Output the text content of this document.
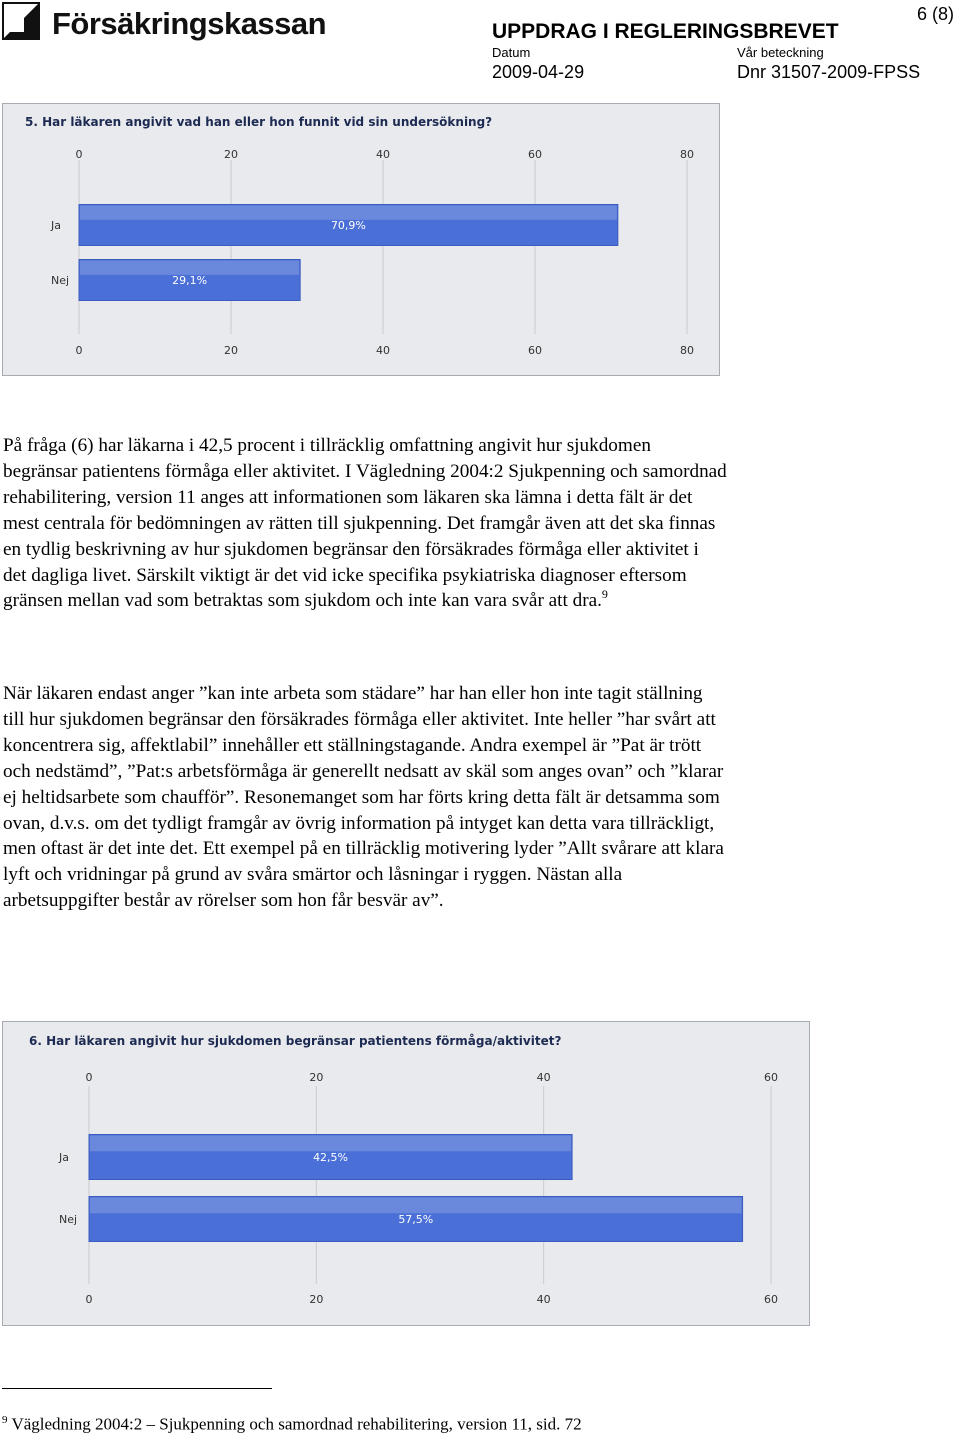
Försäkringskassan	6 (8)
UPPDRAG I REGLERINGSBREVET
Datum	Vår beteckning
2009-04-29	Dnr 31507-2009-FPSS
5. Har läkaren angivit vad han eller hon funnit vid sin undersökning?
0
0
20
20
40
40
60
60
80
80
Ja	70,9%
Nej	29,1%

På fråga (6) har läkarna i 42,5 procent i tillräcklig omfattning angivit hur sjukdomen begränsar patientens förmåga eller aktivitet. I Vägledning 2004:2 Sjukpenning och samordnad rehabilitering, version 11 anges att informationen som läkaren ska lämna i detta fält är det mest centrala för bedömningen av rätten till sjukpenning. Det framgår även att det ska finnas en tydlig beskrivning av hur sjukdomen begränsar den försäkrades förmåga eller aktivitet i det dagliga livet. Särskilt viktigt är det vid icke specifika psykiatriska diagnoser eftersom gränsen mellan vad som betraktas som sjukdom och inte kan vara svår att dra.$^9$

När läkaren endast anger ”kan inte arbeta som städare” har han eller hon inte tagit ställning till hur sjukdomen begränsar den försäkrades förmåga eller aktivitet. Inte heller ”har svårt att koncentrera sig, affektlabil” innehåller ett ställningstagande. Andra exempel är ”Pat är trött och nedstämd”, ”Pat:s arbetsförmåga är generellt nedsatt av skäl som anges ovan” och ”klarar ej heltidsarbete som chaufför”. Resonemanget som har förts kring detta fält är detsamma som ovan, d.v.s. om det tydligt framgår av övrig information på intyget kan detta vara tillräckligt, men oftast är det inte det. Ett exempel på en tillräcklig motivering lyder ”Allt svårare att klara lyft och vridningar på grund av svåra smärtor och låsningar i ryggen. Nästan alla arbetsuppgifter består av rörelser som hon får besvär av”.

6. Har läkaren angivit hur sjukdomen begränsar patientens förmåga/aktivitet?
0
0
20
20
40
40
60
60
Ja	42,5%
Nej	57,5%
$^9$ Vägledning 2004:2 – Sjukpenning och samordnad rehabilitering, version 11, sid. 72
